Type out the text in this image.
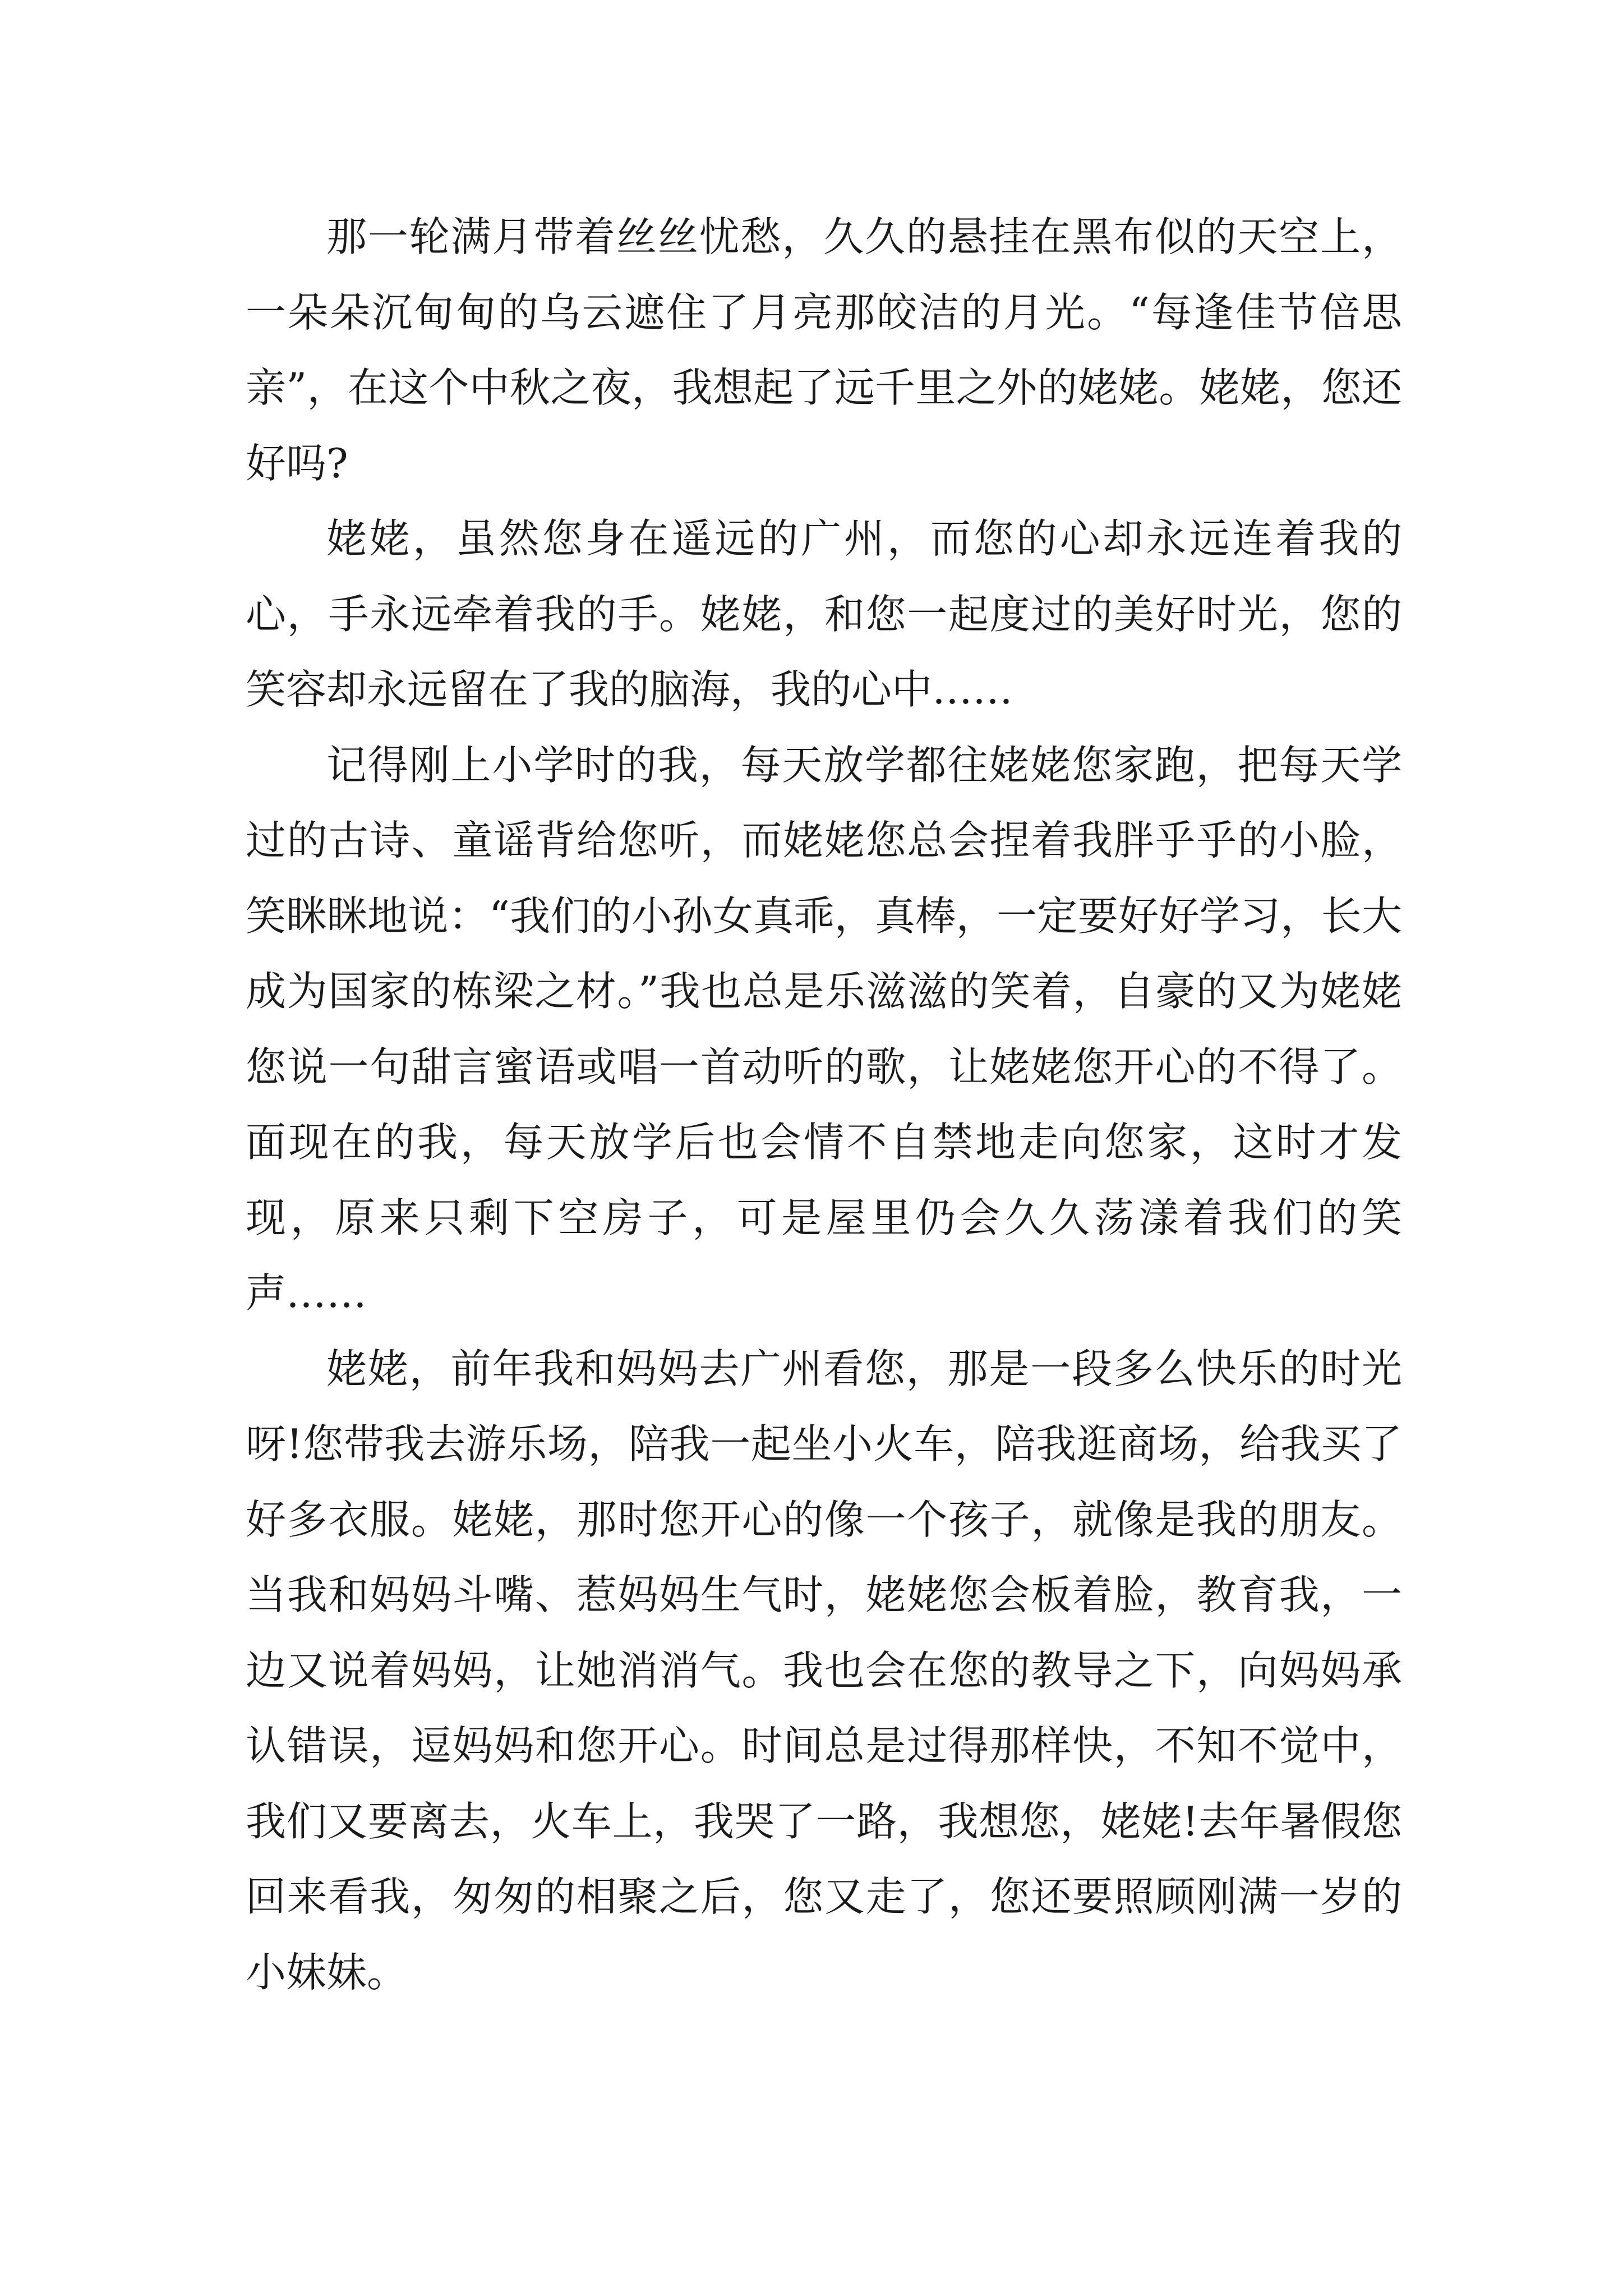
那一轮满月带着丝丝忧愁，久久的悬挂在黑布似的天空上，一朵朵沉甸甸的乌云遮住了月亮那皎洁的月光。“每逢佳节倍思亲”，在这个中秋之夜，我想起了远千里之外的姥姥。姥姥，您还好吗?

姥姥，虽然您身在遥远的广州，而您的心却永远连着我的心，手永远牵着我的手。姥姥，和您一起度过的美好时光，您的笑容却永远留在了我的脑海，我的心中……

记得刚上小学时的我，每天放学都往姥姥您家跑，把每天学过的古诗、童谣背给您听，而姥姥您总会捏着我胖乎乎的小脸，笑眯眯地说：“我们的小孙女真乖，真棒，一定要好好学习，长大成为国家的栋梁之材。”我也总是乐滋滋的笑着，自豪的又为姥姥您说一句甜言蜜语或唱一首动听的歌，让姥姥您开心的不得了。面现在的我，每天放学后也会情不自禁地走向您家，这时才发现，原来只剩下空房子，可是屋里仍会久久荡漾着我们的笑声……

姥姥，前年我和妈妈去广州看您，那是一段多么快乐的时光呀!您带我去游乐场，陪我一起坐小火车，陪我逛商场，给我买了好多衣服。姥姥，那时您开心的像一个孩子，就像是我的朋友。当我和妈妈斗嘴、惹妈妈生气时，姥姥您会板着脸，教育我，一边又说着妈妈，让她消消气。我也会在您的教导之下，向妈妈承认错误，逗妈妈和您开心。时间总是过得那样快，不知不觉中，我们又要离去，火车上，我哭了一路，我想您，姥姥!去年暑假您回来看我，匆匆的相聚之后，您又走了，您还要照顾刚满一岁的小妹妹。
